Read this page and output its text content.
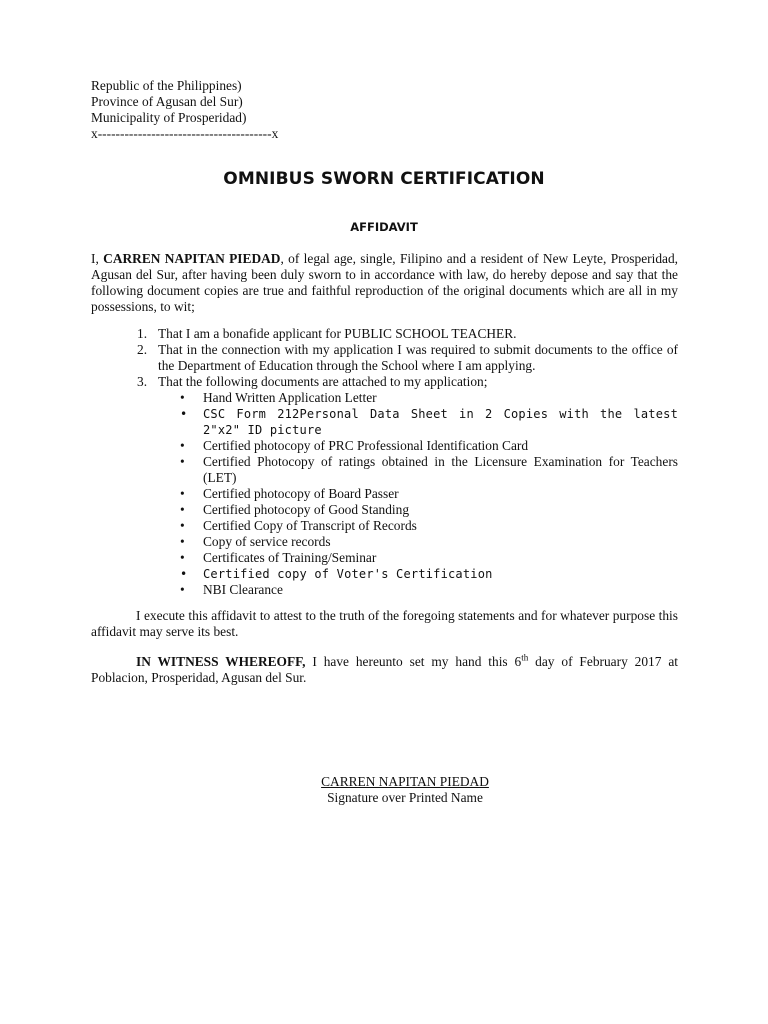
Republic of the Philippines)
Province of Agusan del Sur)
Municipality of Prosperidad)
x---------------------------------------x
OMNIBUS SWORN CERTIFICATION
AFFIDAVIT
I, CARREN NAPITAN PIEDAD, of legal age, single, Filipino and a resident of New Leyte, Prosperidad, Agusan del Sur, after having been duly sworn to in accordance with law, do hereby depose and say that the following document copies are true and faithful reproduction of the original documents which are all in my possessions, to wit;
1. That I am a bonafide applicant for PUBLIC SCHOOL TEACHER.
2. That in the connection with my application I was required to submit documents to the office of the Department of Education through the School where I am applying.
3. That the following documents are attached to my application;
• Hand Written Application Letter
• CSC Form 212Personal Data Sheet in 2 Copies with the latest 2"x2" ID picture
• Certified photocopy of PRC Professional Identification Card
• Certified Photocopy of ratings obtained in the Licensure Examination for Teachers (LET)
• Certified photocopy of Board Passer
• Certified photocopy of Good Standing
• Certified Copy of Transcript of Records
• Copy of service records
• Certificates of Training/Seminar
• Certified copy of Voter's Certification
• NBI Clearance
I execute this affidavit to attest to the truth of the foregoing statements and for whatever purpose this affidavit may serve its best.
IN WITNESS WHEREOFF, I have hereunto set my hand this 6th day of February 2017 at Poblacion, Prosperidad, Agusan del Sur.
CARREN NAPITAN PIEDAD
Signature over Printed Name
